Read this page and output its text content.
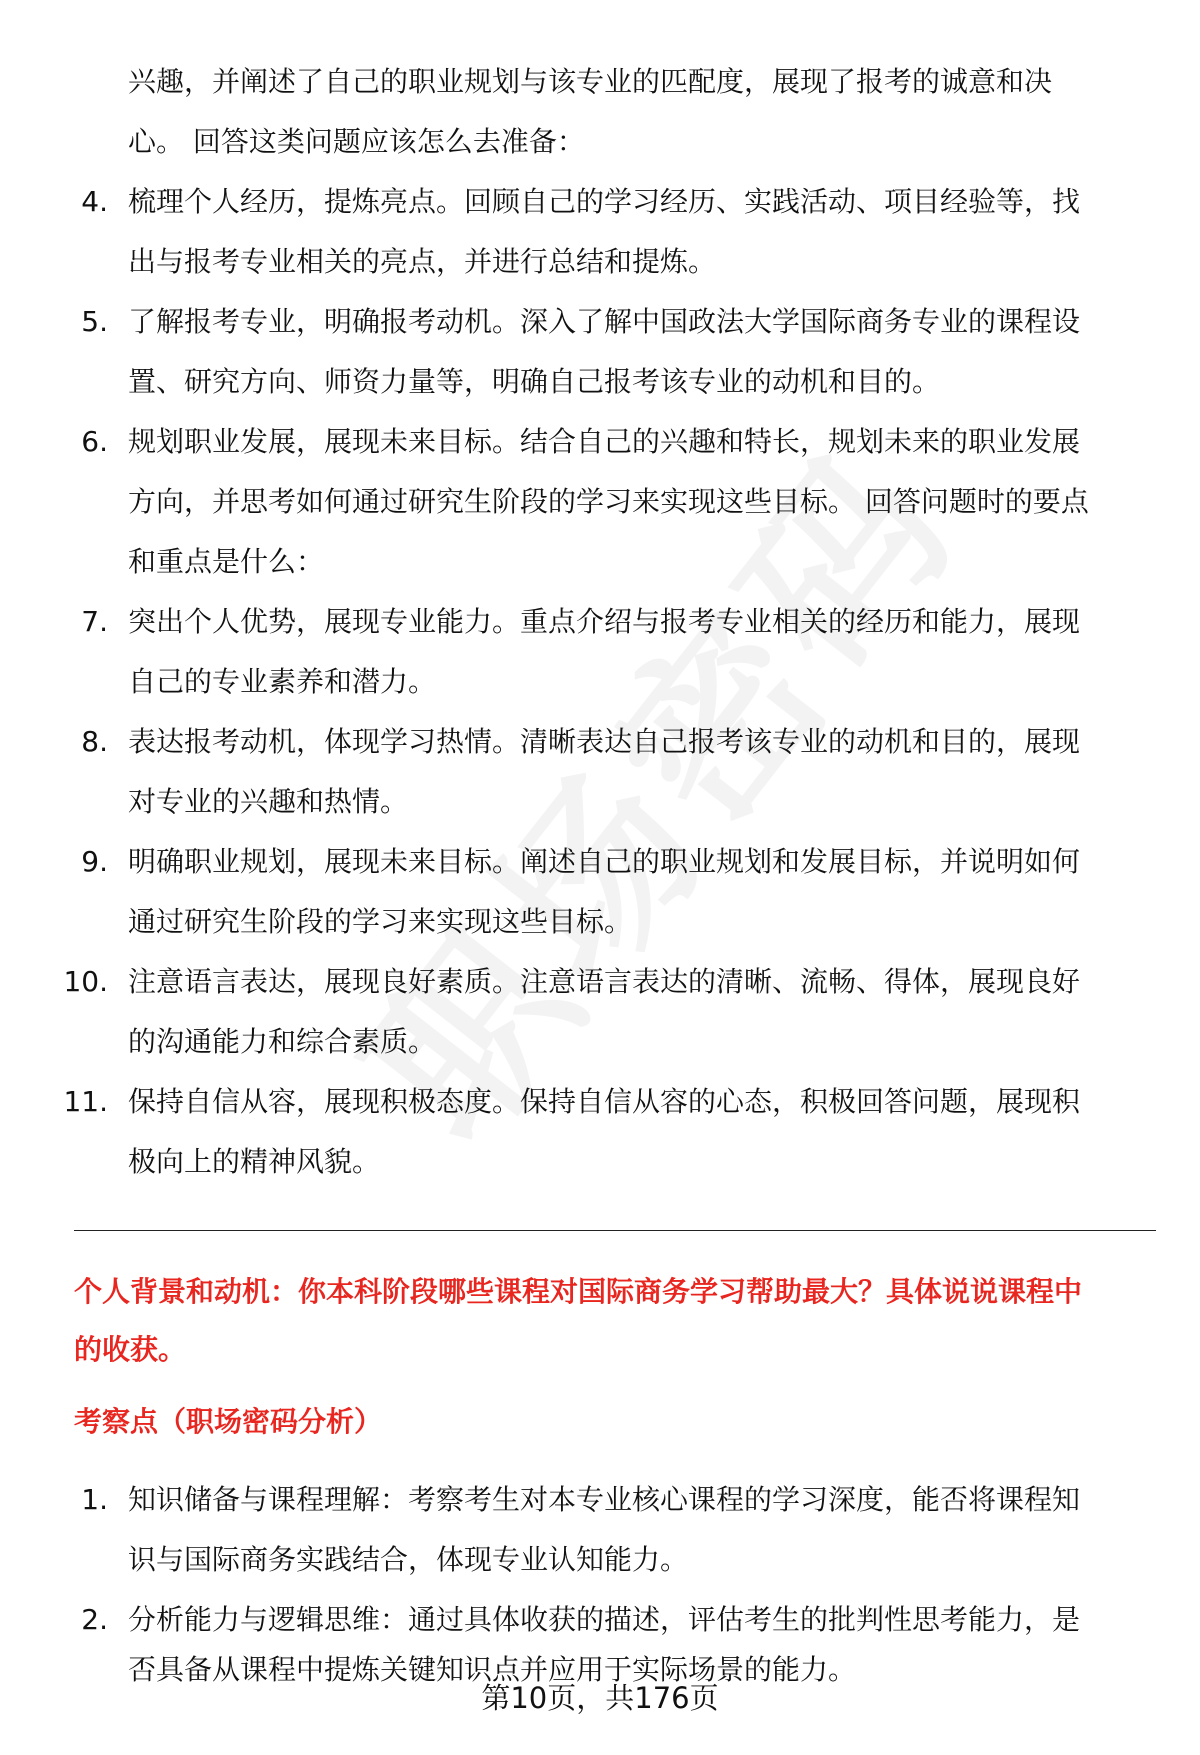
兴趣，并阐述了自己的职业规划与该专业的匹配度，展现了报考的诚意和决
心。 回答这类问题应该怎么去准备：
4. 梳理个人经历，提炼亮点。回顾自己的学习经历、实践活动、项目经验等，找
出与报考专业相关的亮点，并进行总结和提炼。
5. 了解报考专业，明确报考动机。深入了解中国政法大学国际商务专业的课程设
置、研究方向、师资力量等，明确自己报考该专业的动机和目的。
6. 规划职业发展，展现未来目标。结合自己的兴趣和特长，规划未来的职业发展
方向，并思考如何通过研究生阶段的学习来实现这些目标。 回答问题时的要点
和重点是什么：
7. 突出个人优势，展现专业能力。重点介绍与报考专业相关的经历和能力，展现
自己的专业素养和潜力。
8. 表达报考动机，体现学习热情。清晰表达自己报考该专业的动机和目的，展现
对专业的兴趣和热情。
9. 明确职业规划，展现未来目标。阐述自己的职业规划和发展目标，并说明如何
通过研究生阶段的学习来实现这些目标。
10. 注意语言表达，展现良好素质。注意语言表达的清晰、流畅、得体，展现良好
的沟通能力和综合素质。
11. 保持自信从容，展现积极态度。保持自信从容的心态，积极回答问题，展现积
极向上的精神风貌。
个人背景和动机：你本科阶段哪些课程对国际商务学习帮助最大？具体说说课程中
的收获。
考察点（职场密码分析）
1. 知识储备与课程理解：考察考生对本专业核心课程的学习深度，能否将课程知
识与国际商务实践结合，体现专业认知能力。
2. 分析能力与逻辑思维：通过具体收获的描述，评估考生的批判性思考能力，是
否具备从课程中提炼关键知识点并应用于实际场景的能力。
第10页，共176页
